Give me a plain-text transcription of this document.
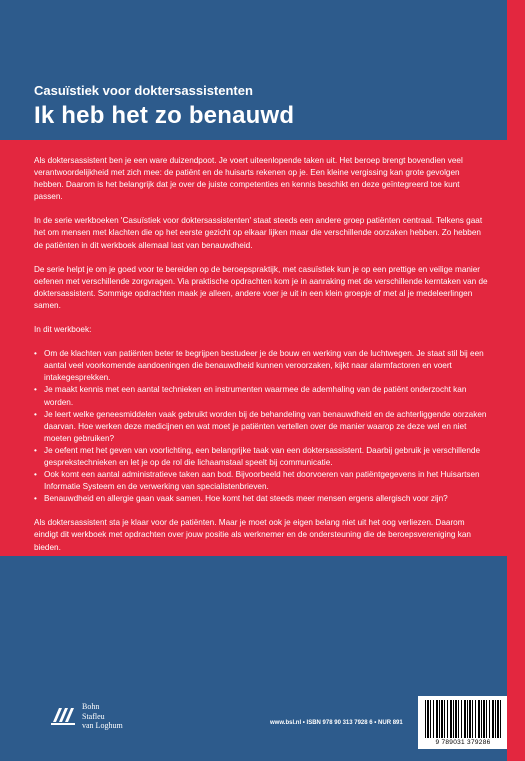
Casuïstiek voor doktersassistenten
Ik heb het zo benauwd

Als doktersassistent ben je een ware duizendpoot. Je voert uiteenlopende taken uit. Het beroep brengt bovendien veel verantwoordelijkheid met zich mee: de patiënt en de huisarts rekenen op je. Een kleine vergissing kan grote gevolgen hebben. Daarom is het belangrijk dat je over de juiste competenties en kennis beschikt en deze geïntegreerd toe kunt passen.

In de serie werkboeken 'Casuïstiek voor doktersassistenten' staat steeds een andere groep patiënten centraal. Telkens gaat het om mensen met klachten die op het eerste gezicht op elkaar lijken maar die verschillende oorzaken hebben. Zo hebben de patiënten in dit werkboek allemaal last van benauwdheid.

De serie helpt je om je goed voor te bereiden op de beroepspraktijk, met casuïstiek kun je op een prettige en veilige manier oefenen met verschillende zorgvragen. Via praktische opdrachten kom je in aanraking met de verschillende kerntaken van de doktersassistent. Sommige opdrachten maak je alleen, andere voer je uit in een klein groepje of met al je medeleerlingen samen.

In dit werkboek:

• Om de klachten van patiënten beter te begrijpen bestudeer je de bouw en werking van de luchtwegen. Je staat stil bij een aantal veel voorkomende aandoeningen die benauwdheid kunnen veroorzaken, kijkt naar alarmfactoren en voert intakegesprekken.
• Je maakt kennis met een aantal technieken en instrumenten waarmee de ademhaling van de patiënt onderzocht kan worden.
• Je leert welke geneesmiddelen vaak gebruikt worden bij de behandeling van benauwdheid en de achterliggende oorzaken daarvan. Hoe werken deze medicijnen en wat moet je patiënten vertellen over de manier waarop ze deze wel en niet moeten gebruiken?
• Je oefent met het geven van voorlichting, een belangrijke taak van een doktersassistent. Daarbij gebruik je verschillende gesprekstechnieken en let je op de rol die lichaamstaal speelt bij communicatie.
• Ook komt een aantal administratieve taken aan bod. Bijvoorbeeld het doorvoeren van patiëntgegevens in het Huisartsen Informatie Systeem en de verwerking van specialistenbrieven.
• Benauwdheid en allergie gaan vaak samen. Hoe komt het dat steeds meer mensen ergens allergisch voor zijn?

Als doktersassistent sta je klaar voor de patiënten. Maar je moet ook je eigen belang niet uit het oog verliezen. Daarom eindigt dit werkboek met opdrachten over jouw positie als werknemer en de ondersteuning die de beroepsvereniging kan bieden.

Bohn
Stafleu
van Loghum	www.bsl.nl • ISBN 978 90 313 7928 6 • NUR 891
9 789031 379286
